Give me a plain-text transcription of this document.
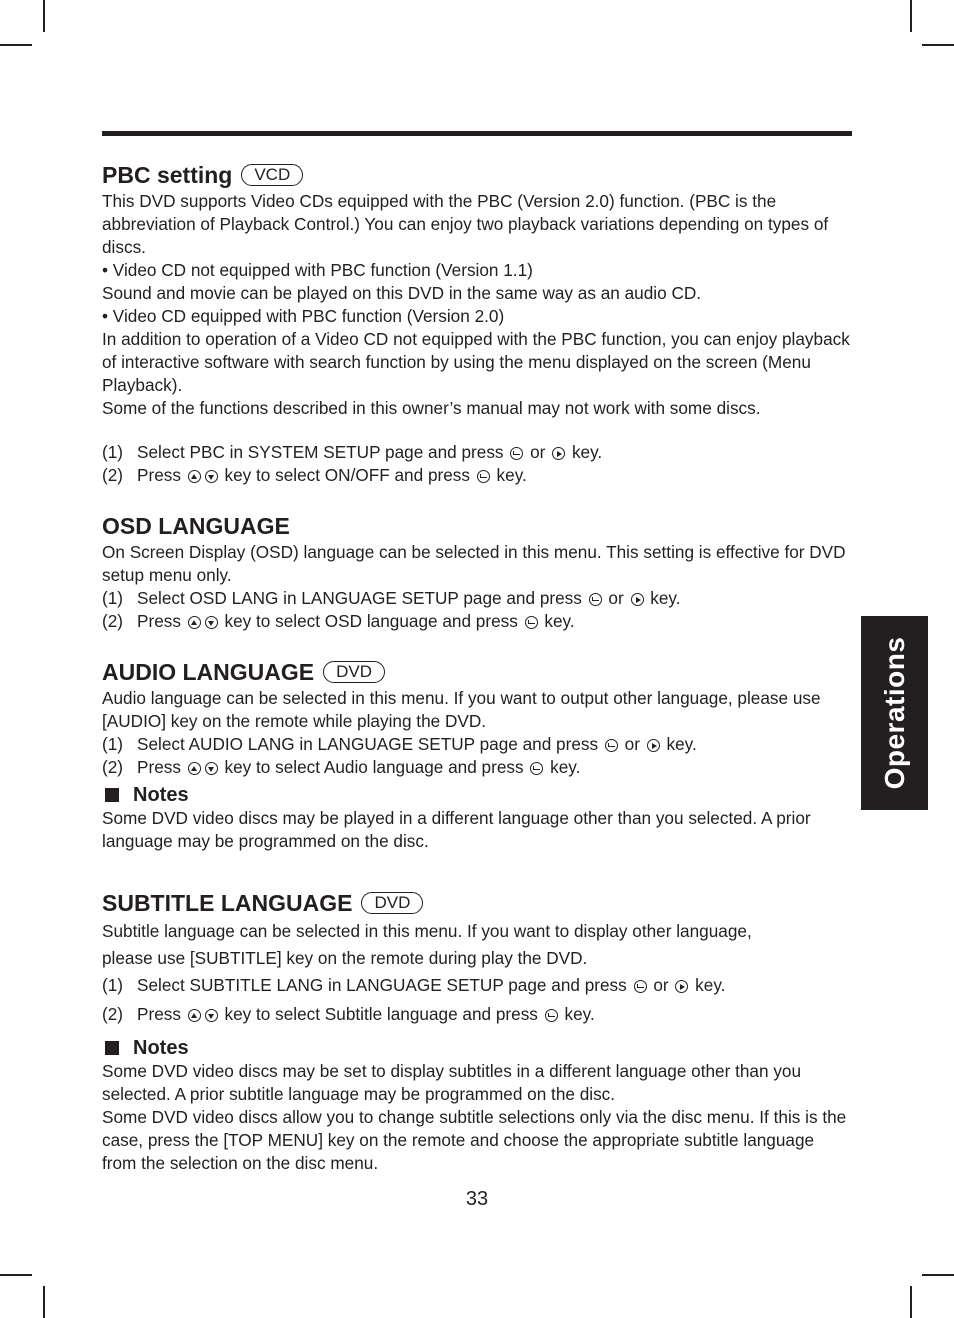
PBC setting	VCD

This DVD supports Video CDs equipped with the PBC (Version 2.0) function. (PBC is the abbreviation of Playback Control.) You can enjoy two playback variations depending on types of discs.

• Video CD not equipped with PBC function (Version 1.1)

Sound and movie can be played on this DVD in the same way as an audio CD.

• Video CD equipped with PBC function (Version 2.0)

In addition to operation of a Video CD not equipped with the PBC function, you can enjoy playback of interactive software with search function by using the menu displayed on the screen (Menu Playback).

Some of the functions described in this owner’s manual may not work with some discs.

(1) Select PBC in SYSTEM SETUP page and press or key.
(2) Press	key to select ON/OFF and press key.
OSD LANGUAGE

On Screen Display (OSD) language can be selected in this menu. This setting is effective for DVD setup menu only.

(1) Select OSD LANG in LANGUAGE SETUP page and press or key.
(2) Press	key to select OSD language and press key.
AUDIO LANGUAGE	DVD

Audio language can be selected in this menu. If you want to output other language, please use [AUDIO] key on the remote while playing the DVD.

(1) Select AUDIO LANG in LANGUAGE SETUP page and press or key.
(2) Press	key to select Audio language and press key.
Notes

Some DVD video discs may be played in a different language other than you selected. A prior language may be programmed on the disc.

SUBTITLE LANGUAGE	DVD

Subtitle language can be selected in this menu. If you want to display other language,

please use [SUBTITLE] key on the remote during play the DVD.

(1) Select SUBTITLE LANG in LANGUAGE SETUP page and press or key.
(2) Press	key to select Subtitle language and press key.
Notes

Some DVD video discs may be set to display subtitles in a different language other than you selected. A prior subtitle language may be programmed on the disc.

Some DVD video discs allow you to change subtitle selections only via the disc menu. If this is the case, press the [TOP MENU] key on the remote and choose the appropriate subtitle language from the selection on the disc menu.

Operations
33
